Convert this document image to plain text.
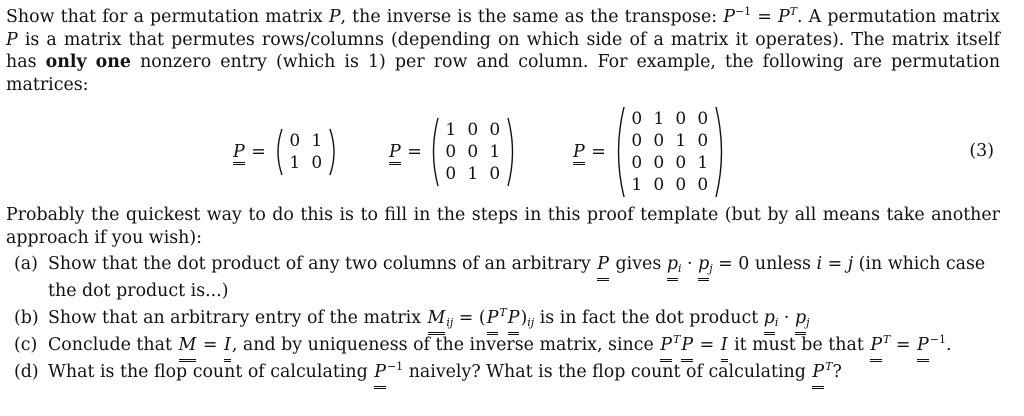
Show that for a permutation matrix P, the inverse is the same as the transpose: $P^{-1} = P^T$. A permutation matrix P is a matrix that permutes rows/columns (depending on which side of a matrix it operates). The matrix itself has only one nonzero entry (which is 1) per row and column. For example, the following are permutation matrices:

P =
0	1
1	0
P =
1	0	0
0	0	1
0	1	0
P =
0	1	0	0
0	0	1	0
0	0	0	1
1	0	0	0
(3)

Probably the quickest way to do this is to fill in the steps in this proof template (but by all means take another approach if you wish):

(a) Show that the dot product of any two columns of an arbitrary P gives $p_i \cdot p_j = 0$ unless i = j (in which case the dot product is...)
(b) Show that an arbitrary entry of the matrix $M_{ij} = (P^TP)_{ij}$ is in fact the dot product $p_i \cdot p_j$
(c) Conclude that M = I, and by uniqueness of the inverse matrix, since $P^TP = I$ it must be that $P^T = P^{-1}$.
(d) What is the flop count of calculating $P^{-1}$ naively? What is the flop count of calculating $P^T$?
